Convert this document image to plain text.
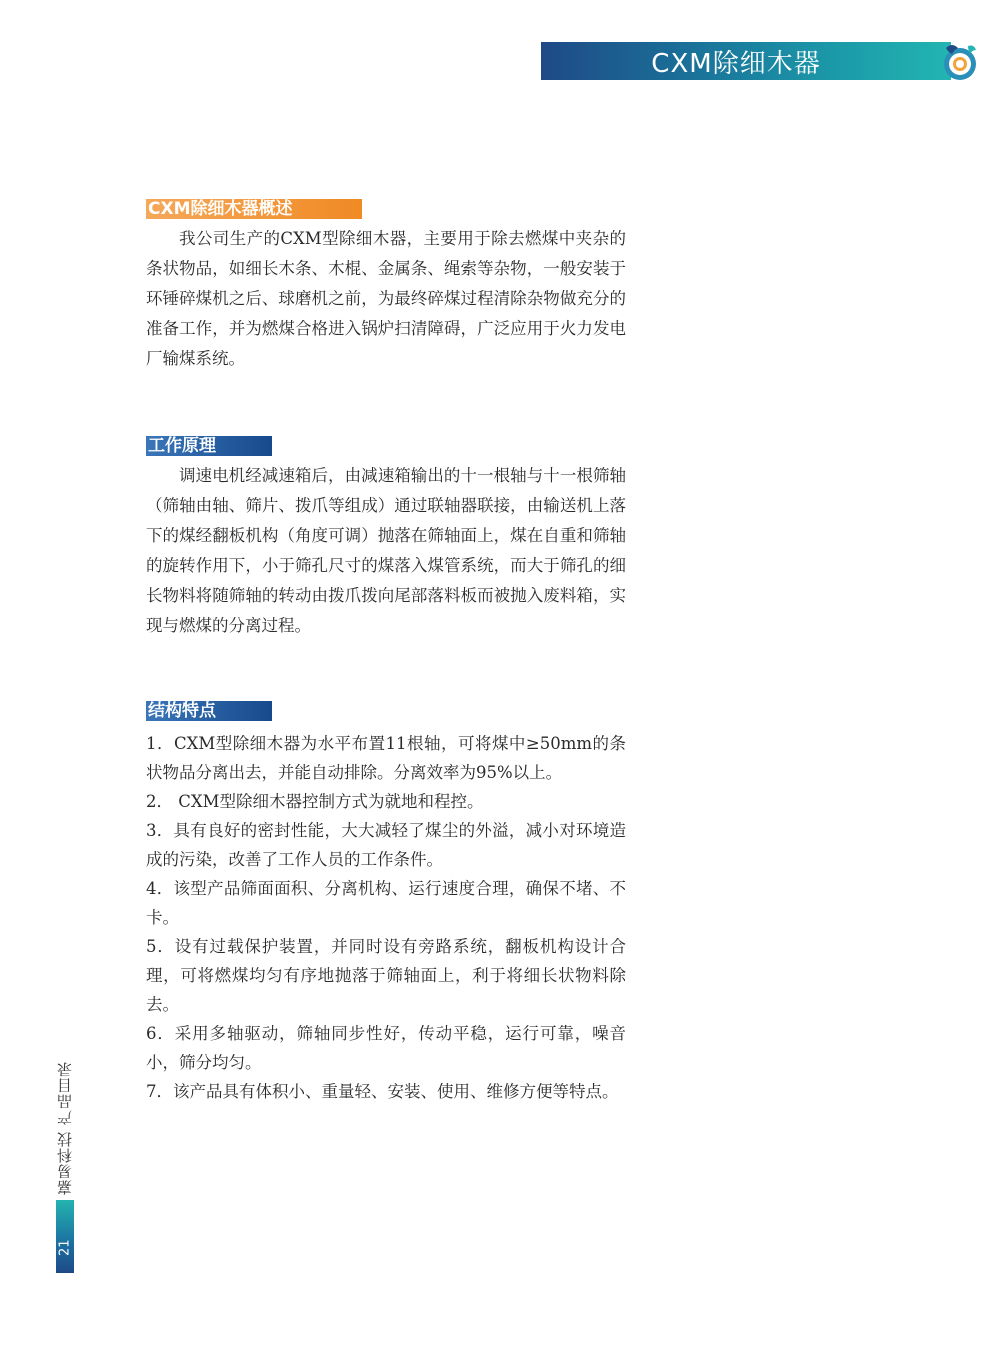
CXM除细木器
CXM除细木器概述

我公司生产的CXM型除细木器，主要用于除去燃煤中夹杂的条状物品，如细长木条、木棍、金属条、绳索等杂物，一般安装于环锤碎煤机之后、球磨机之前，为最终碎煤过程清除杂物做充分的准备工作，并为燃煤合格进入锅炉扫清障碍，广泛应用于火力发电厂输煤系统。

工作原理

调速电机经减速箱后，由减速箱输出的十一根轴与十一根筛轴（筛轴由轴、筛片、拨爪等组成）通过联轴器联接，由输送机上落下的煤经翻板机构（角度可调）抛落在筛轴面上，煤在自重和筛轴的旋转作用下，小于筛孔尺寸的煤落入煤管系统，而大于筛孔的细长物料将随筛轴的转动由拨爪拨向尾部落料板而被抛入废料箱，实现与燃煤的分离过程。

结构特点
1．CXM型除细木器为水平布置11根轴，可将煤中≥50mm的条状物品分离出去，并能自动排除。分离效率为95%以上。
2． CXM型除细木器控制方式为就地和程控。
3．具有良好的密封性能，大大减轻了煤尘的外溢，减小对环境造成的污染，改善了工作人员的工作条件。
4．该型产品筛面面积、分离机构、运行速度合理，确保不堵、不卡。
5．设有过载保护装置，并同时设有旁路系统，翻板机构设计合理，可将燃煤均匀有序地抛落于筛轴面上，利于将细长状物料除去。
6．采用多轴驱动，筛轴同步性好，传动平稳，运行可靠，噪音小，筛分均匀。
7．该产品具有体积小、重量轻、安装、使用、维修方便等特点。
嘉易科技 产品目录
21
